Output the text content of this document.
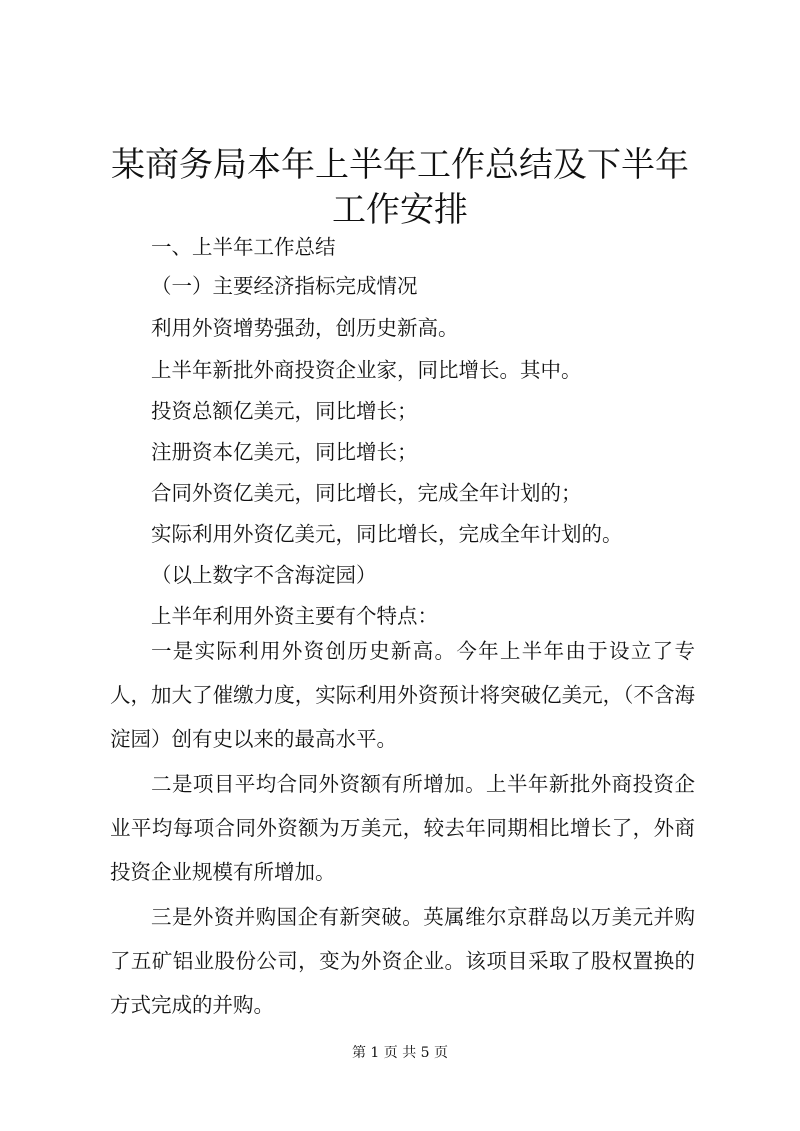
某商务局本年上半年工作总结及下半年工作安排
一、上半年工作总结
（一）主要经济指标完成情况
利用外资增势强劲，创历史新高。
上半年新批外商投资企业家，同比增长。其中。
投资总额亿美元，同比增长；
注册资本亿美元，同比增长；
合同外资亿美元，同比增长，完成全年计划的；
实际利用外资亿美元，同比增长，完成全年计划的。
（以上数字不含海淀园）
上半年利用外资主要有个特点：
一是实际利用外资创历史新高。今年上半年由于设立了专人，加大了催缴力度，实际利用外资预计将突破亿美元，（不含海淀园）创有史以来的最高水平。
二是项目平均合同外资额有所增加。上半年新批外商投资企业平均每项合同外资额为万美元，较去年同期相比增长了，外商投资企业规模有所增加。
三是外资并购国企有新突破。英属维尔京群岛以万美元并购了五矿铝业股份公司，变为外资企业。该项目采取了股权置换的方式完成的并购。
第 1 页 共 5 页
